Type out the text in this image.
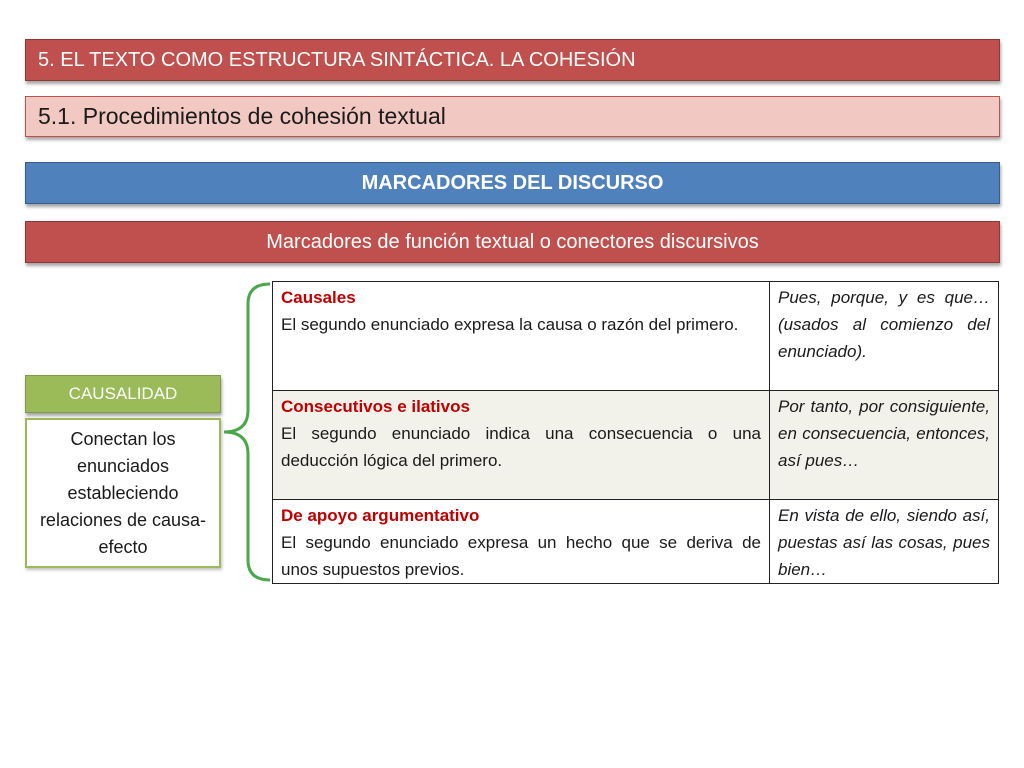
5. EL TEXTO COMO ESTRUCTURA SINTÁCTICA. LA COHESIÓN
5.1. Procedimientos de cohesión textual
MARCADORES DEL DISCURSO
Marcadores de función textual o conectores discursivos
CAUSALIDAD
Conectan los enunciados estableciendo relaciones de causa-efecto
Causales
El segundo enunciado expresa la causa o razón del primero.	Pues, porque, y es que… (usados al comienzo del enunciado).

Consecutivos e ilativos
El segundo enunciado indica una consecuencia o una deducción lógica del primero.	Por tanto, por consiguiente, en consecuencia, entonces, así pues…

De apoyo argumentativo
El segundo enunciado expresa un hecho que se deriva de unos supuestos previos.	En vista de ello, siendo así, puestas así las cosas, pues bien…
